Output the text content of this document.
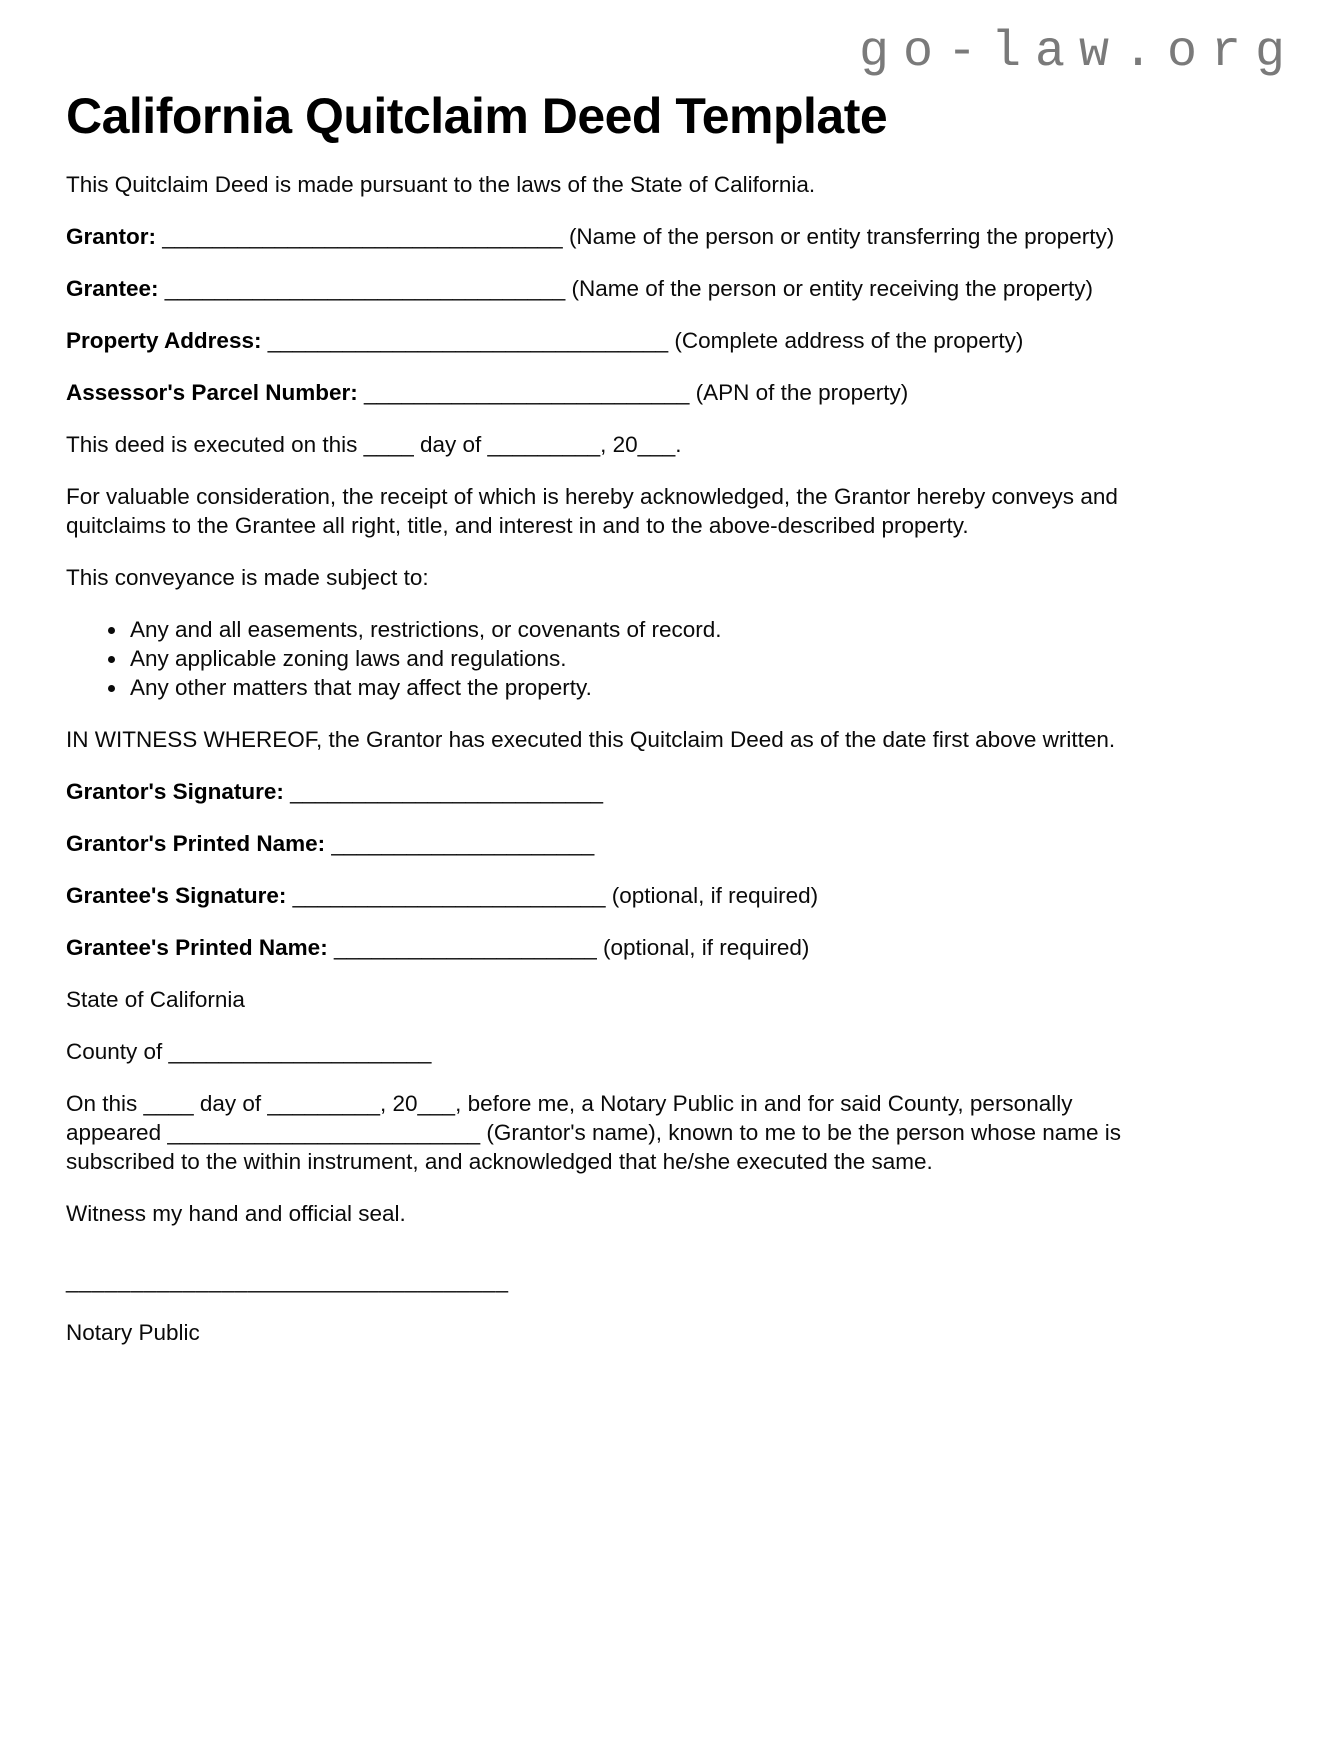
go-law.org
California Quitclaim Deed Template

This Quitclaim Deed is made pursuant to the laws of the State of California.

Grantor: ________________________________ (Name of the person or entity transferring the property)

Grantee: ________________________________ (Name of the person or entity receiving the property)

Property Address: ________________________________ (Complete address of the property)

Assessor's Parcel Number: __________________________ (APN of the property)

This deed is executed on this ____ day of _________, 20___.

For valuable consideration, the receipt of which is hereby acknowledged, the Grantor hereby conveys and quitclaims to the Grantee all right, title, and interest in and to the above-described property.

This conveyance is made subject to:

• Any and all easements, restrictions, or covenants of record.
• Any applicable zoning laws and regulations.
• Any other matters that may affect the property.

IN WITNESS WHEREOF, the Grantor has executed this Quitclaim Deed as of the date first above written.

Grantor's Signature: _________________________

Grantor's Printed Name: _____________________

Grantee's Signature: _________________________ (optional, if required)

Grantee's Printed Name: _____________________ (optional, if required)

State of California

County of _____________________

On this ____ day of _________, 20___, before me, a Notary Public in and for said County, personally appeared _________________________ (Grantor's name), known to me to be the person whose name is subscribed to the within instrument, and acknowledged that he/she executed the same.

Witness my hand and official seal.

__________________________________

Notary Public
